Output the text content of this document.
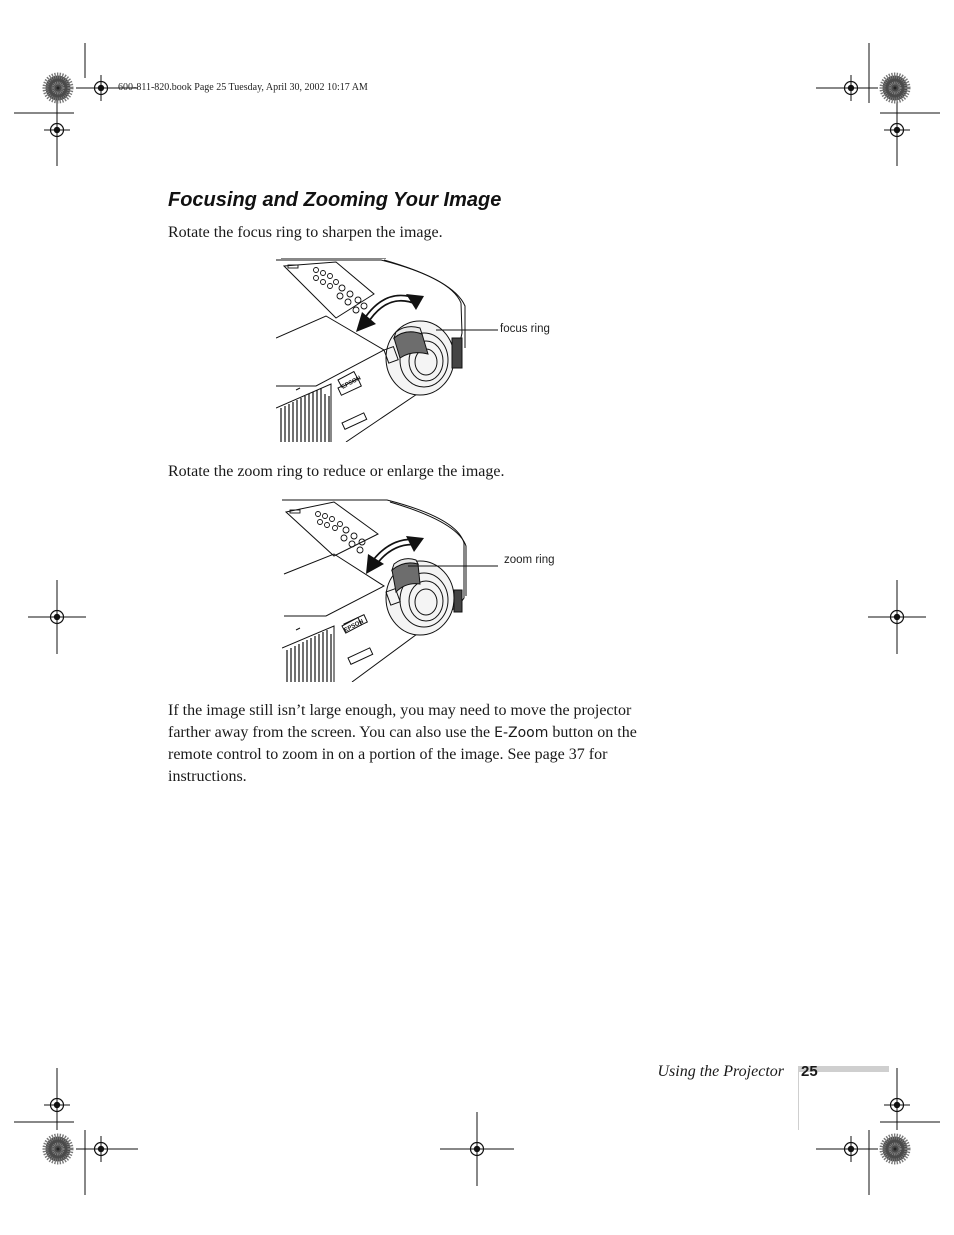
600-811-820.book Page 25 Tuesday, April 30, 2002 10:17 AM
Focusing and Zooming Your Image

Rotate the focus ring to sharpen the image.

EPSON
focus ring

Rotate the zoom ring to reduce or enlarge the image.

EPSON
zoom ring

If the image still isn’t large enough, you may need to move the projector farther away from the screen. You can also use the E-Zoom button on the remote control to zoom in on a portion of the image. See page 37 for instructions.

Using the Projector 25
